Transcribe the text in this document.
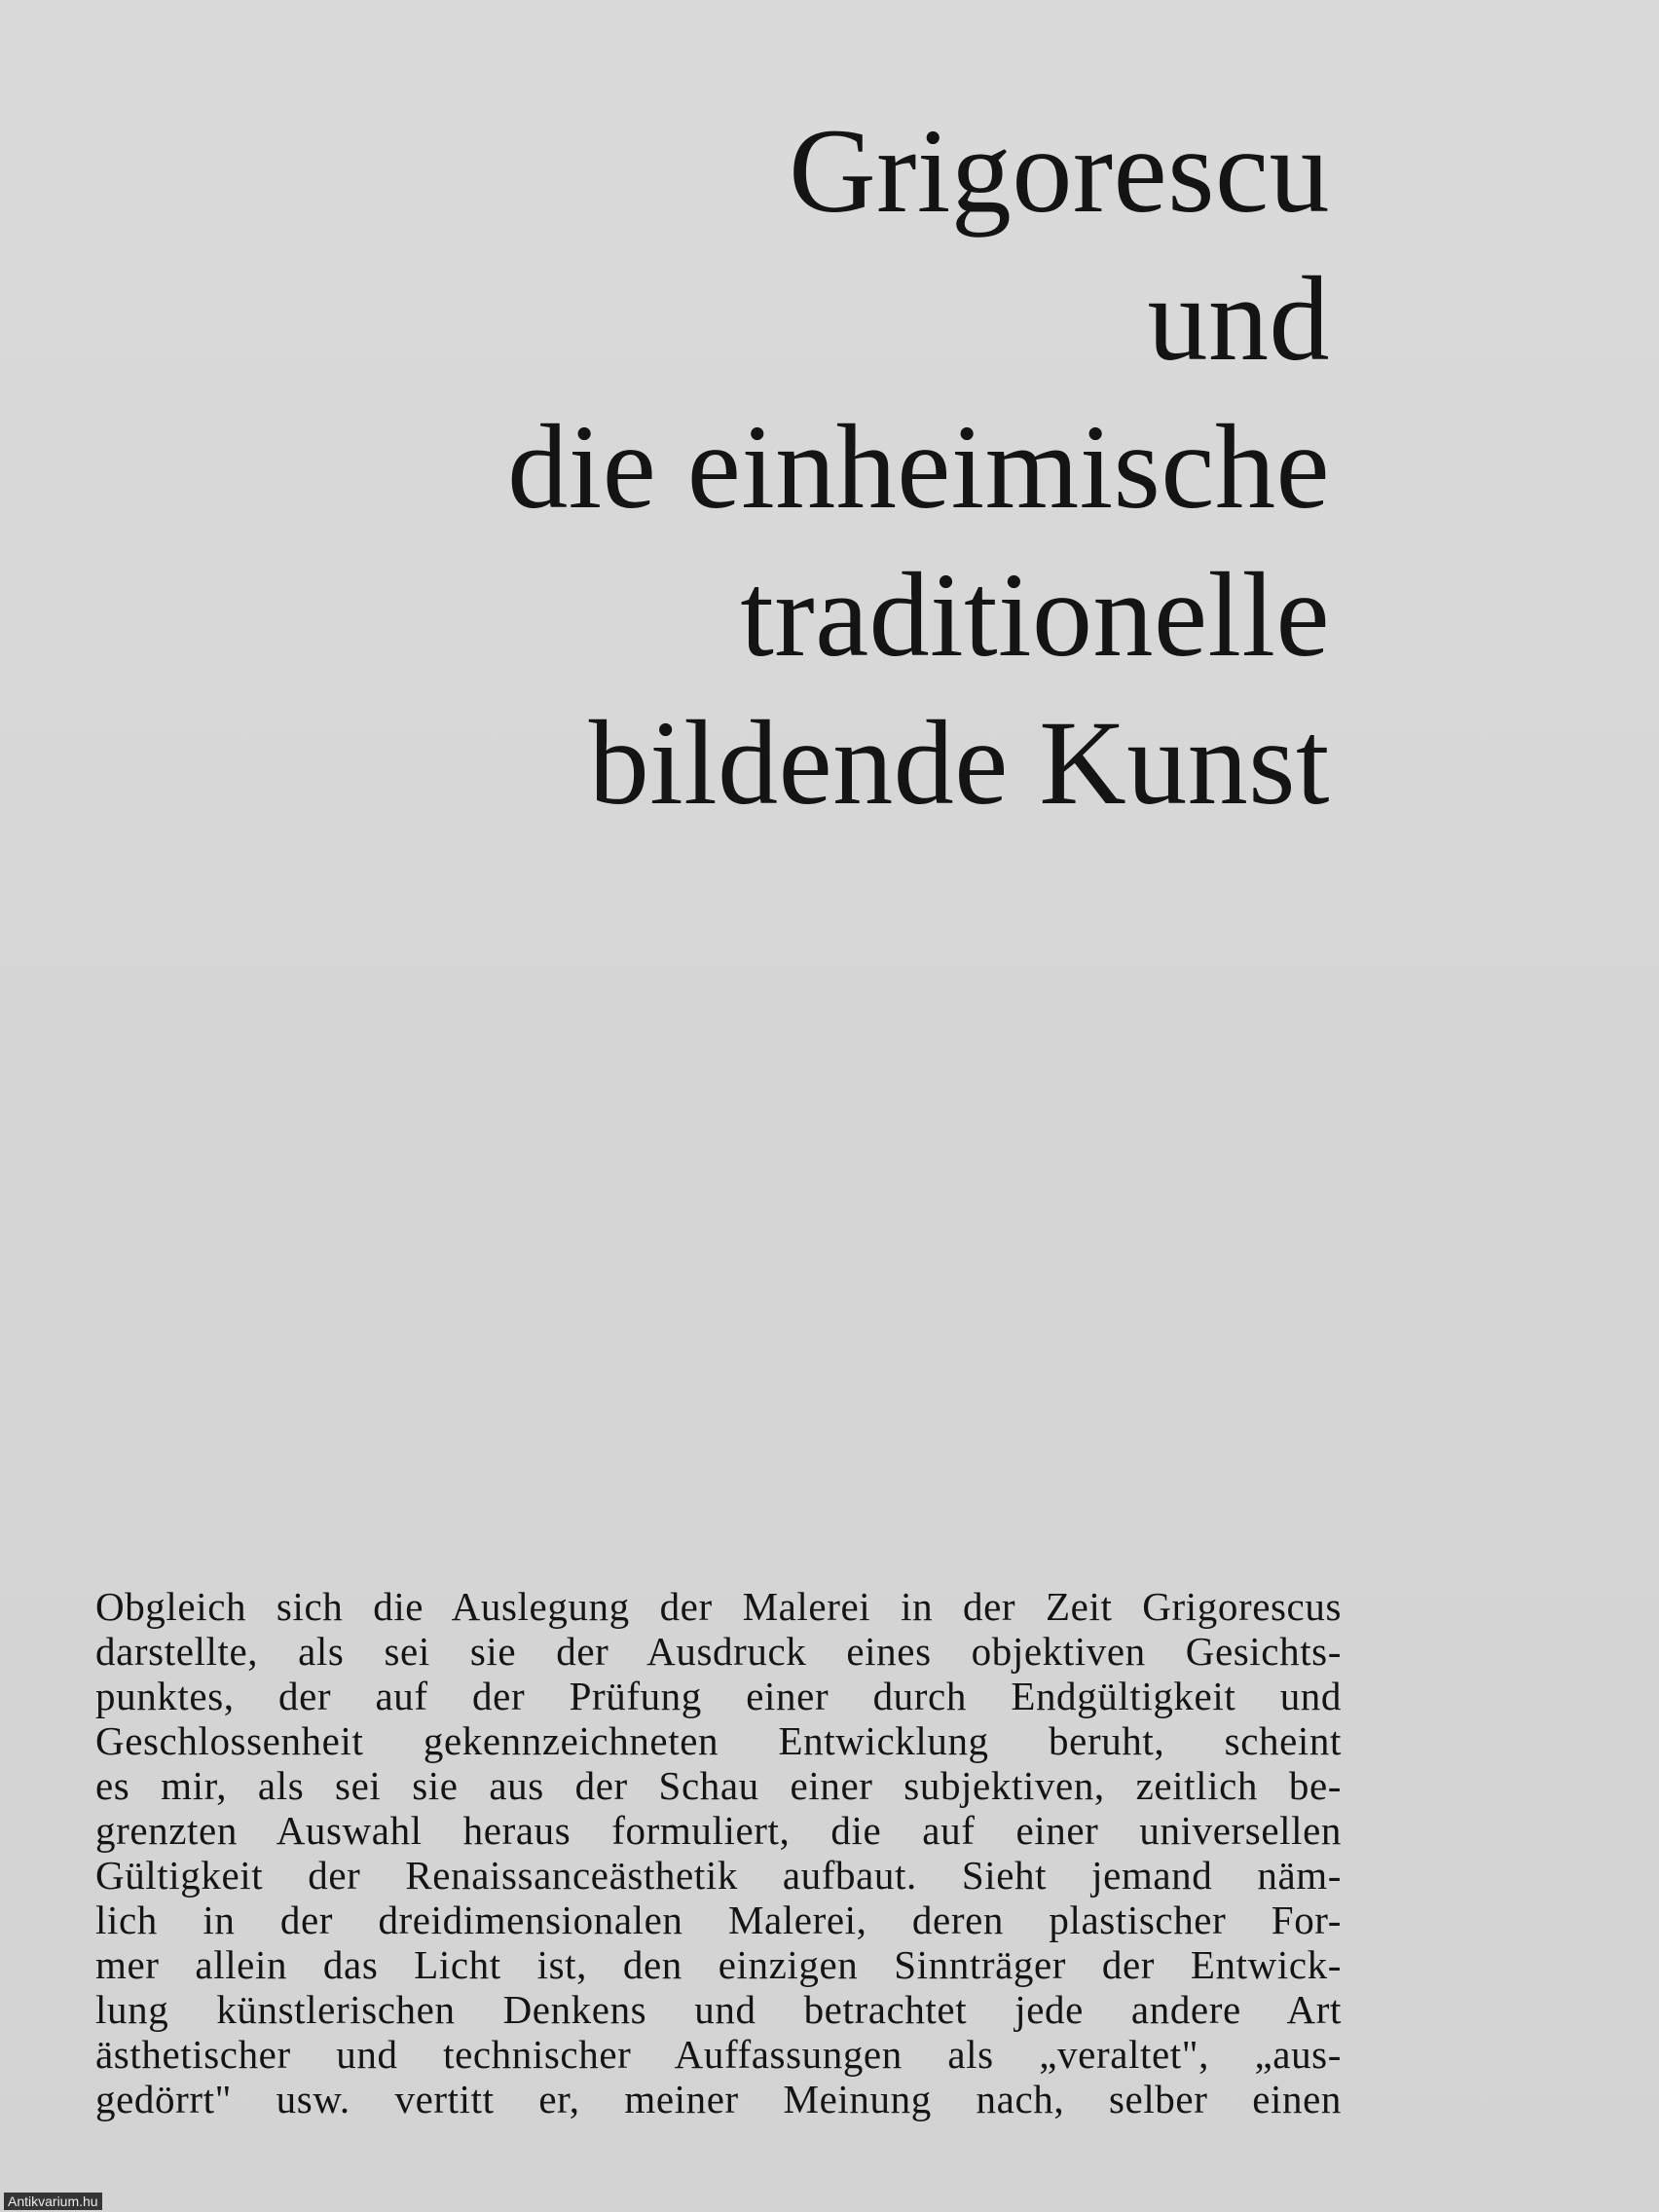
Grigorescu
und
die einheimische
traditionelle
bildende Kunst

Obgleich sich die Auslegung der Malerei in der Zeit Grigorescus
darstellte, als sei sie der Ausdruck eines objektiven Gesichts-
punktes, der auf der Prüfung einer durch Endgültigkeit und
Geschlossenheit gekennzeichneten Entwicklung beruht, scheint
es mir, als sei sie aus der Schau einer subjektiven, zeitlich be-
grenzten Auswahl heraus formuliert, die auf einer universellen
Gültigkeit der Renaissanceästhetik aufbaut. Sieht jemand näm-
lich in der dreidimensionalen Malerei, deren plastischer For-
mer allein das Licht ist, den einzigen Sinnträger der Entwick-
lung künstlerischen Denkens und betrachtet jede andere Art
ästhetischer und technischer Auffassungen als „veraltet", „aus-
gedörrt" usw. vertitt er, meiner Meinung nach, selber einen

Antikvarium.hu
